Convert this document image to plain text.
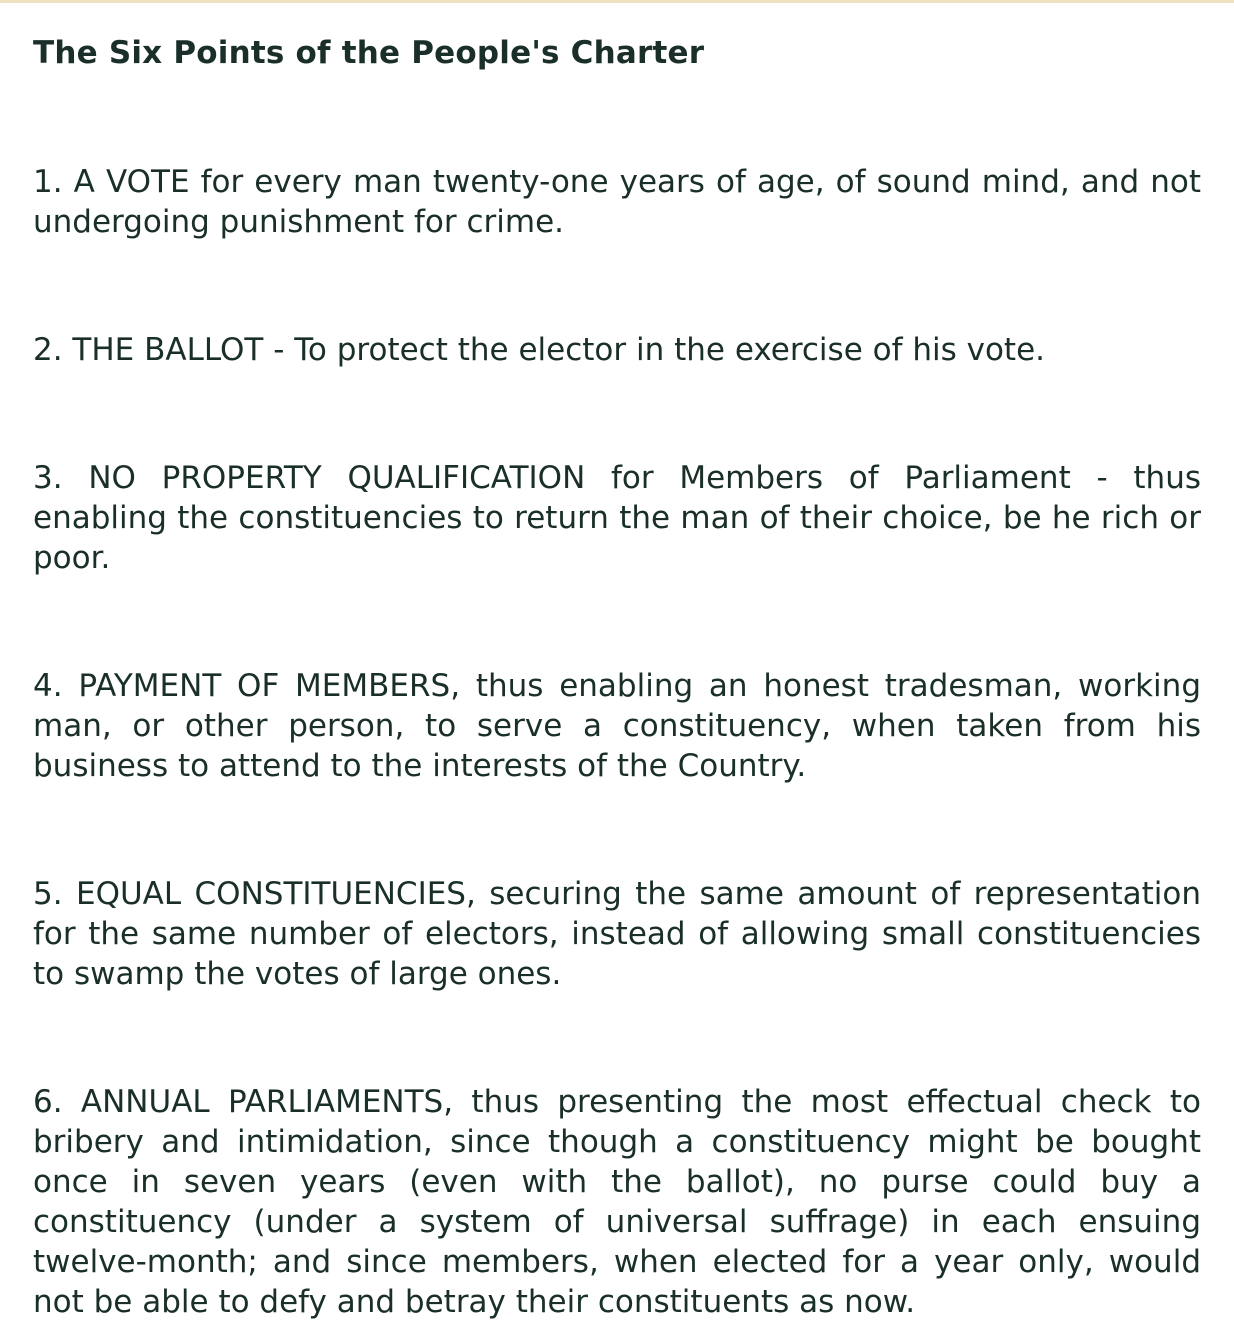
The Six Points of the People's Charter
1. A VOTE for every man twenty-one years of age, of sound mind, and not undergoing punishment for crime.
2. THE BALLOT - To protect the elector in the exercise of his vote.
3. NO PROPERTY QUALIFICATION for Members of Parliament - thus enabling the constituencies to return the man of their choice, be he rich or poor.
4. PAYMENT OF MEMBERS, thus enabling an honest tradesman, working man, or other person, to serve a constituency, when taken from his business to attend to the interests of the Country.
5. EQUAL CONSTITUENCIES, securing the same amount of representation for the same number of electors, instead of allowing small constituencies to swamp the votes of large ones.
6. ANNUAL PARLIAMENTS, thus presenting the most effectual check to bribery and intimidation, since though a constituency might be bought once in seven years (even with the ballot), no purse could buy a constituency (under a system of universal suffrage) in each ensuing twelve-month; and since members, when elected for a year only, would not be able to defy and betray their constituents as now.
